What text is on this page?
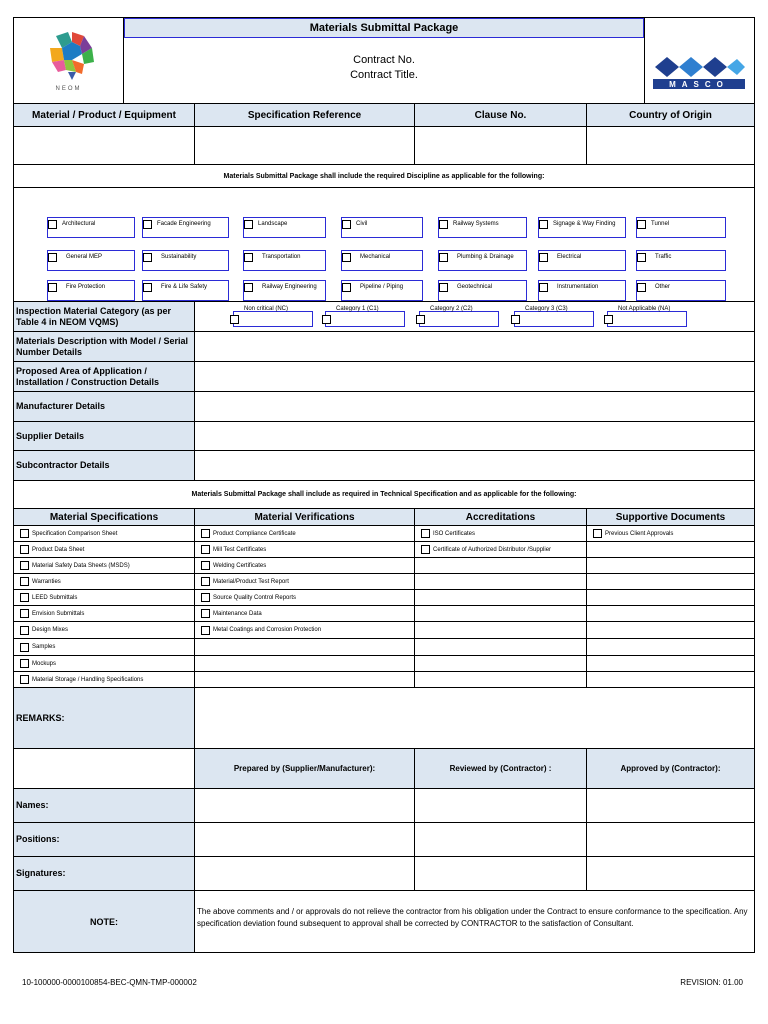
NEOM
Materials Submittal Package
Contract No.
Contract Title.
MASCO
Material / Product / Equipment	Specification Reference	Clause No.	Country of Origin
Materials Submittal Package shall include the required Discipline as applicable for the following:
Architectural	Facade Engineering	Landscape	Civil	Railway Systems	Signage & Way Finding	Tunnel
General MEP	Sustainability	Transportation	Mechanical	Plumbing & Drainage	Electrical	Traffic
Fire Protection	Fire & Life Safety	Railway Engineering	Pipeline / Piping	Geotechnical	Instrumentation	Other
Inspection Material Category (as per Table 4 in NEOM VQMS)
Non critical (NC)	Category 1 (C1)	Category 2 (C2)	Category 3 (C3)	Not Applicable (NA)
Materials Description with Model / Serial Number Details
Proposed Area of Application / Installation / Construction Details
Manufacturer Details
Supplier Details
Subcontractor Details
Materials Submittal Package shall include as required in Technical Specification and as applicable for the following:
Material Specifications	Material Verifications	Accreditations	Supportive Documents
Specification Comparison Sheet	Product Compliance Certificate	ISO Certificates	Previous Client Approvals
Product Data Sheet	Mill Test Certificates	Certificate of Authorized Distributor /Supplier
Material Safety Data Sheets (MSDS)	Welding Certificates
Warranties	Material/Product Test Report
LEED Submittals	Source Quality Control Reports
Envision Submittals	Maintenance Data
Design Mixes	Metal Coatings and Corrosion Protection
Samples
Mockups
Material Storage / Handling Specifications
REMARKS:
Prepared by (Supplier/Manufacturer):	Reviewed by (Contractor) :	Approved by (Contractor):
Names:
Positions:
Signatures:
NOTE:
The above comments and / or approvals do not relieve the contractor from his obligation under the Contract to ensure conformance to the specification. Any specification deviation found subsequent to approval shall be corrected by CONTRACTOR to the satisfaction of Consultant.
10-100000-0000100854-BEC-QMN-TMP-000002	REVISION: 01.00
